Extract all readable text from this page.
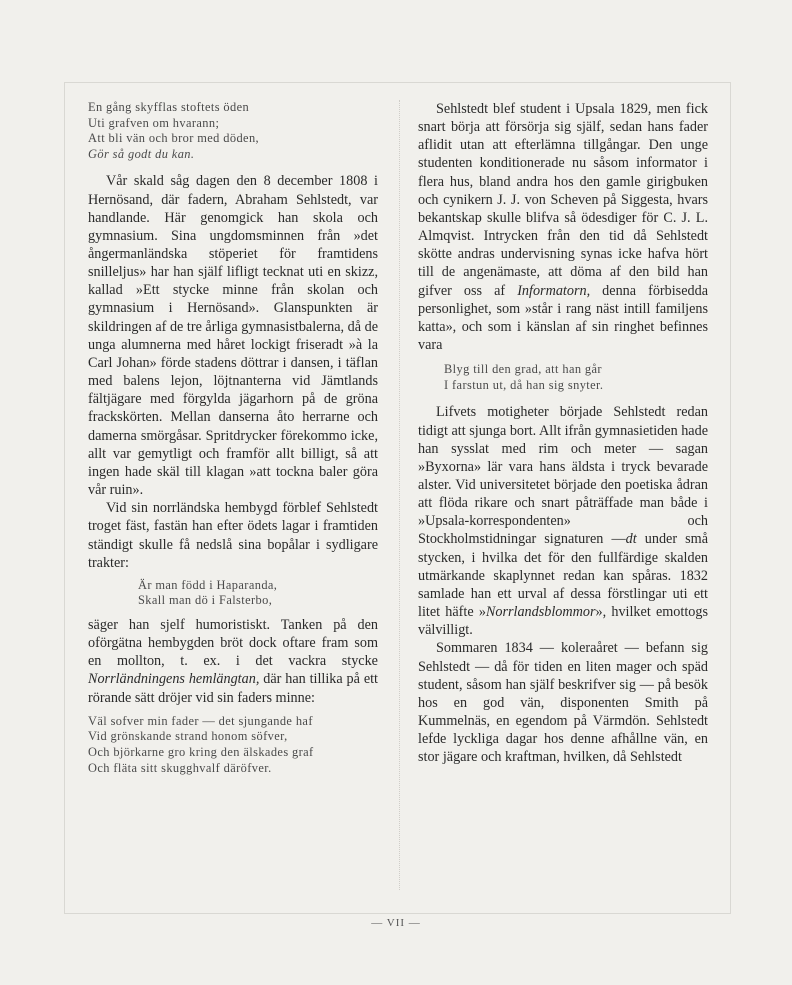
En gång skyfflas stoftets öden
Uti grafven om hvarann;
Att bli vän och bror med döden,
Gör så godt du kan.

Vår skald såg dagen den 8 december 1808 i Hernösand, där fadern, Abraham Sehlstedt, var handlande. Här genomgick han skola och gymnasium. Sina ungdomsminnen från »det ångermanländska stöperiet för framtidens snilleljus» har han själf lifligt tecknat uti en skizz, kallad »Ett stycke minne från skolan och gymnasium i Hernösand». Glanspunkten är skildringen af de tre årliga gymnasistbalerna, då de unga alumnerna med håret lockigt friseradt »à la Carl Johan» förde stadens döttrar i dansen, i täflan med balens lejon, löjtnanterna vid Jämtlands fältjägare med förgylda jägarhorn på de gröna frackskörten. Mellan danserna åto herrarne och damerna smörgåsar. Spritdrycker förekommo icke, allt var gemytligt och framför allt billigt, så att ingen hade skäl till klagan »att tockna baler göra vår ruin».

Vid sin norrländska hembygd förblef Sehlstedt troget fäst, fastän han efter ödets lagar i framtiden ständigt skulle få nedslå sina bopålar i sydligare trakter:

Är man född i Haparanda,
Skall man dö i Falsterbo,

säger han sjelf humoristiskt. Tanken på den oförgätna hembygden bröt dock oftare fram som en mollton, t. ex. i det vackra stycke Norrländningens hemlängtan, där han tillika på ett rörande sätt dröjer vid sin faders minne:

Väl sofver min fader — det sjungande haf
Vid grönskande strand honom söfver,
Och björkarne gro kring den älskades graf
Och fläta sitt skugghvalf däröfver.

Sehlstedt blef student i Upsala 1829, men fick snart börja att försörja sig själf, sedan hans fader aflidit utan att efterlämna tillgångar. Den unge studenten konditionerade nu såsom informator i flera hus, bland andra hos den gamle girigbuken och cynikern J. J. von Scheven på Siggesta, hvars bekantskap skulle blifva så ödesdiger för C. J. L. Almqvist. Intrycken från den tid då Sehlstedt skötte andras undervisning synas icke hafva hört till de angenämaste, att döma af den bild han gifver oss af Informatorn, denna förbisedda personlighet, som »står i rang näst intill familjens katta», och som i känslan af sin ringhet befinnes vara

Blyg till den grad, att han går
I farstun ut, då han sig snyter.

Lifvets motigheter började Sehlstedt redan tidigt att sjunga bort. Allt ifrån gymnasietiden hade han sysslat med rim och meter — sagan »Byxorna» lär vara hans äldsta i tryck bevarade alster. Vid universitetet började den poetiska ådran att flöda rikare och snart påträffade man både i »Upsala-korrespondenten» och Stockholmstidningar signaturen —dt under små stycken, i hvilka det för den fullfärdige skalden utmärkande skaplynnet redan kan spåras. 1832 samlade han ett urval af dessa förstlingar uti ett litet häfte »Norrlandsblommor», hvilket emottogs välvilligt.

Sommaren 1834 — koleraåret — befann sig Sehlstedt — då för tiden en liten mager och späd student, såsom han själf beskrifver sig — på besök hos en god vän, disponenten Smith på Kummelnäs, en egendom på Värmdön. Sehlstedt lefde lyckliga dagar hos denne afhållne vän, en stor jägare och kraftman, hvilken, då Sehlstedt

— VII —
